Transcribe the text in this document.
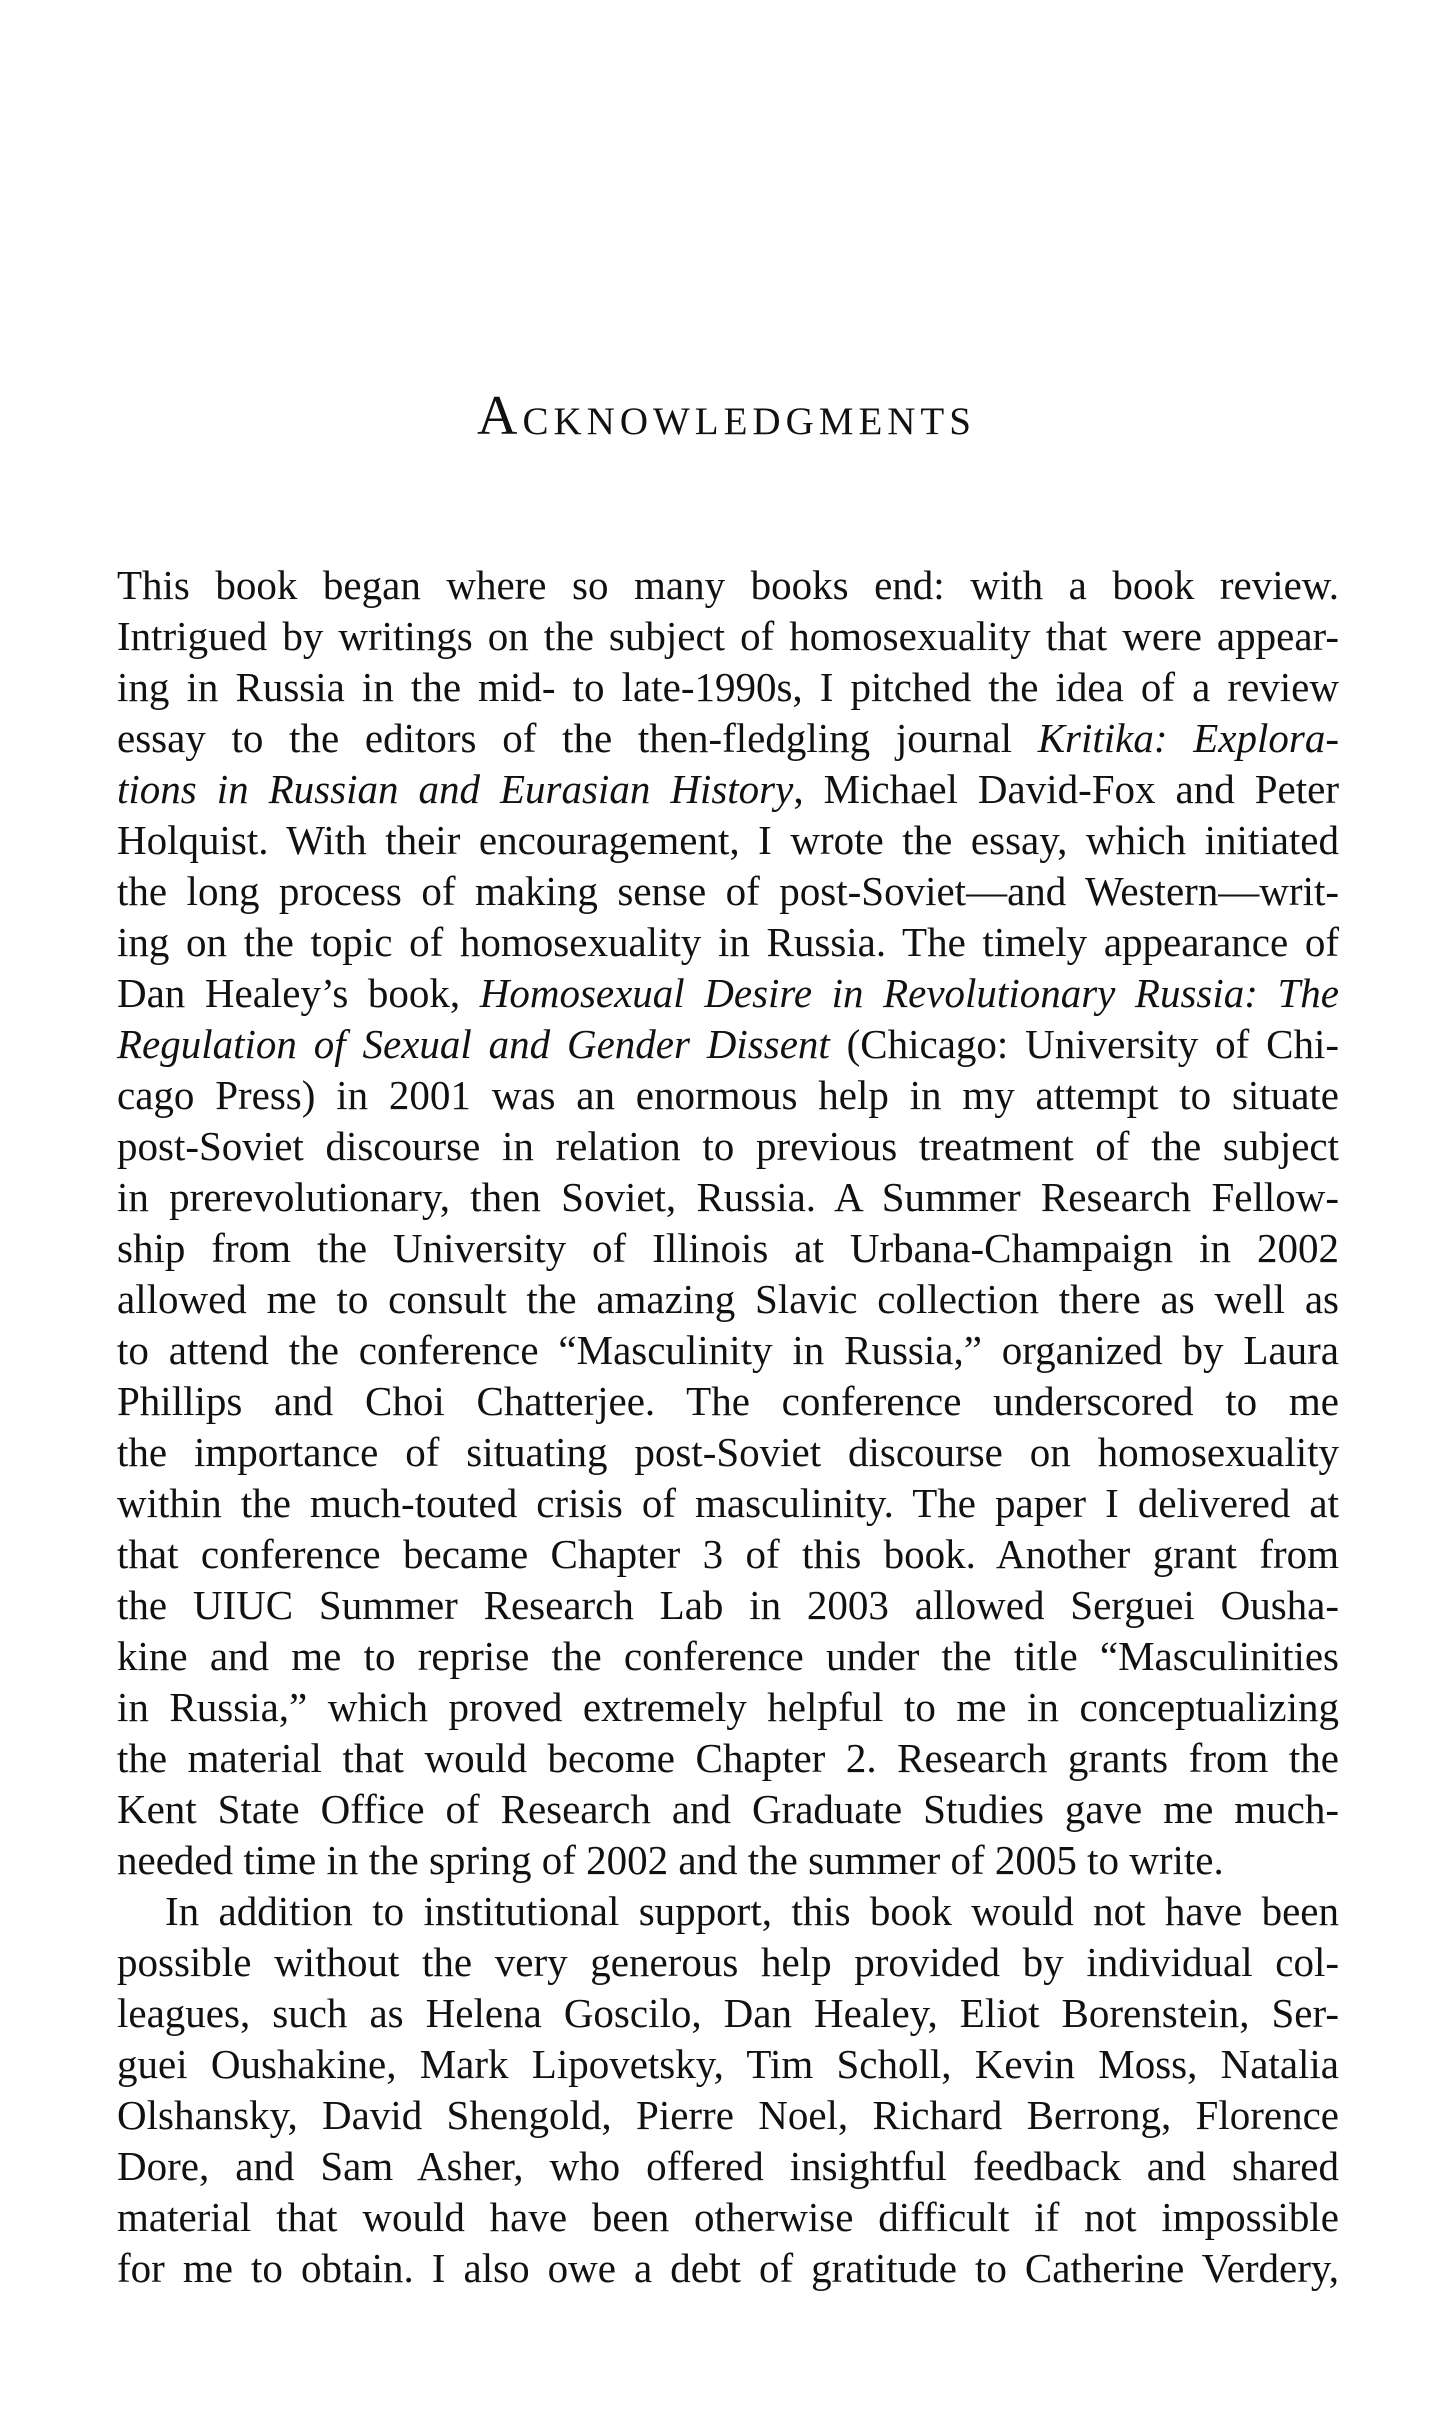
Acknowledgments

This book began where so many books end: with a book review.
Intrigued by writings on the subject of homosexuality that were appear-
ing in Russia in the mid- to late-1990s, I pitched the idea of a review
essay to the editors of the then-fledgling journal Kritika: Explora-
tions in Russian and Eurasian History, Michael David-Fox and Peter
Holquist. With their encouragement, I wrote the essay, which initiated
the long process of making sense of post-Soviet—and Western—writ-
ing on the topic of homosexuality in Russia. The timely appearance of
Dan Healey’s book, Homosexual Desire in Revolutionary Russia: The
Regulation of Sexual and Gender Dissent (Chicago: University of Chi-
cago Press) in 2001 was an enormous help in my attempt to situate
post-Soviet discourse in relation to previous treatment of the subject
in prerevolutionary, then Soviet, Russia. A Summer Research Fellow-
ship from the University of Illinois at Urbana-Champaign in 2002
allowed me to consult the amazing Slavic collection there as well as
to attend the conference “Masculinity in Russia,” organized by Laura
Phillips and Choi Chatterjee. The conference underscored to me
the importance of situating post-Soviet discourse on homosexuality
within the much-touted crisis of masculinity. The paper I delivered at
that conference became Chapter 3 of this book. Another grant from
the UIUC Summer Research Lab in 2003 allowed Serguei Ousha-
kine and me to reprise the conference under the title “Masculinities
in Russia,” which proved extremely helpful to me in conceptualizing
the material that would become Chapter 2. Research grants from the
Kent State Office of Research and Graduate Studies gave me much-
needed time in the spring of 2002 and the summer of 2005 to write.

In addition to institutional support, this book would not have been
possible without the very generous help provided by individual col-
leagues, such as Helena Goscilo, Dan Healey, Eliot Borenstein, Ser-
guei Oushakine, Mark Lipovetsky, Tim Scholl, Kevin Moss, Natalia
Olshansky, David Shengold, Pierre Noel, Richard Berrong, Florence
Dore, and Sam Asher, who offered insightful feedback and shared
material that would have been otherwise difficult if not impossible
for me to obtain. I also owe a debt of gratitude to Catherine Verdery,
